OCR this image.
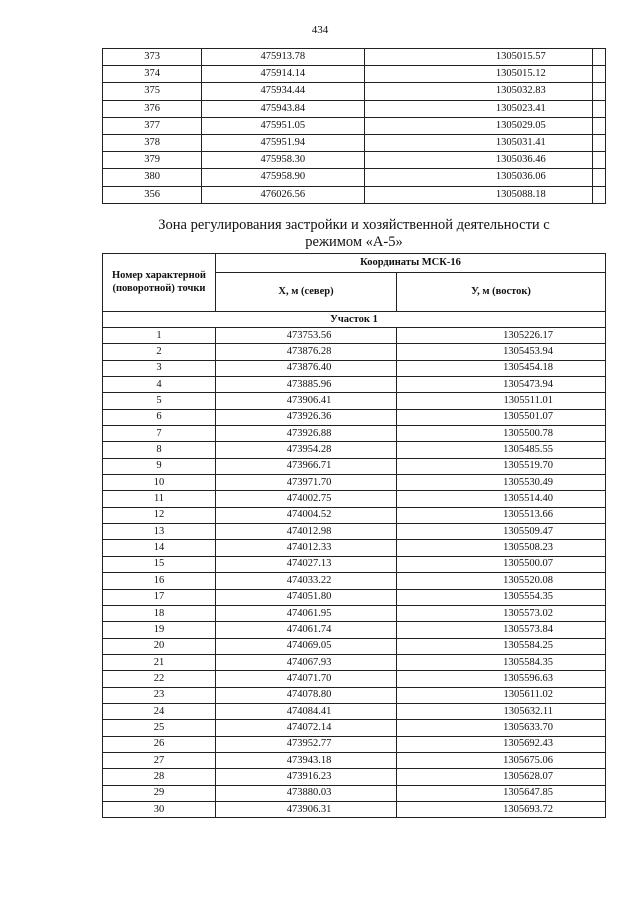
434
373	475913.78	1305015.57	
374	475914.14	1305015.12	
375	475934.44	1305032.83	
376	475943.84	1305023.41	
377	475951.05	1305029.05	
378	475951.94	1305031.41	
379	475958.30	1305036.46	
380	475958.90	1305036.06	
356	476026.56	1305088.18	
Зона регулирования застройки и хозяйственной деятельности с
режимом «А-5»
Номер характерной (поворотной) точки	Координаты МСК-16	
	X, м (север)	У, м (восток)
Участок 1		
1	473753.56	1305226.17
2	473876.28	1305453.94
3	473876.40	1305454.18
4	473885.96	1305473.94
5	473906.41	1305511.01
6	473926.36	1305501.07
7	473926.88	1305500.78
8	473954.28	1305485.55
9	473966.71	1305519.70
10	473971.70	1305530.49
11	474002.75	1305514.40
12	474004.52	1305513.66
13	474012.98	1305509.47
14	474012.33	1305508.23
15	474027.13	1305500.07
16	474033.22	1305520.08
17	474051.80	1305554.35
18	474061.95	1305573.02
19	474061.74	1305573.84
20	474069.05	1305584.25
21	474067.93	1305584.35
22	474071.70	1305596.63
23	474078.80	1305611.02
24	474084.41	1305632.11
25	474072.14	1305633.70
26	473952.77	1305692.43
27	473943.18	1305675.06
28	473916.23	1305628.07
29	473880.03	1305647.85
30	473906.31	1305693.72
